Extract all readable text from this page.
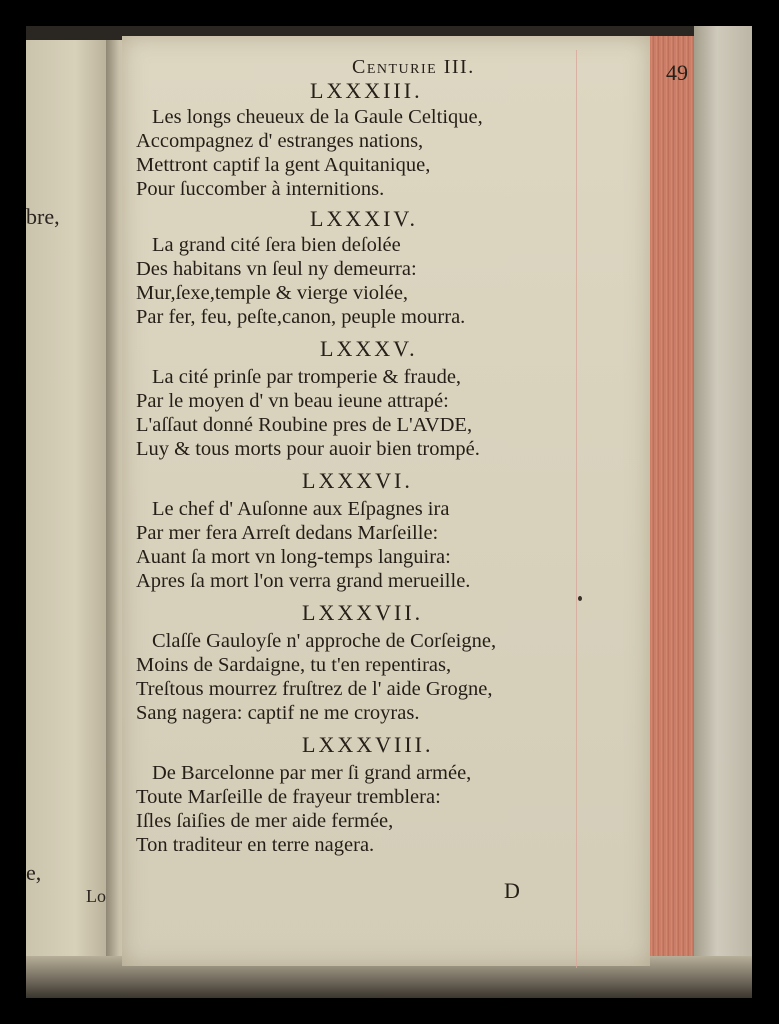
bre,
e,
Lo
Centurie III.	49
LXXXIII.
Les longs cheueux de la Gaule Celtique,
Accompagnez d' estranges nations,
Mettront captif la gent Aquitanique,
Pour ſuccomber à internitions.
LXXXIV.
La grand cité ſera bien deſolée
Des habitans vn ſeul ny demeurra:
Mur,ſexe,temple & vierge violée,
Par fer, feu, peſte,canon, peuple mourra.
LXXXV.
La cité prinſe par tromperie & fraude,
Par le moyen d' vn beau ieune attrapé:
L'aſſaut donné Roubine pres de L'AVDE,
Luy & tous morts pour auoir bien trompé.
LXXXVI.
Le chef d' Auſonne aux Eſpagnes ira
Par mer fera Arreſt dedans Marſeille:
Auant ſa mort vn long-temps languira:
Apres ſa mort l'on verra grand merueille.
LXXXVII.
Claſſe Gauloyſe n' approche de Corſeigne,
Moins de Sardaigne, tu t'en repentiras,
Treſtous mourrez fruſtrez de l' aide Grogne,
Sang nagera: captif ne me croyras.
LXXXVIII.
De Barcelonne par mer ſi grand armée,
Toute Marſeille de frayeur tremblera:
Iſles ſaiſies de mer aide fermée,
Ton traditeur en terre nagera.
D
